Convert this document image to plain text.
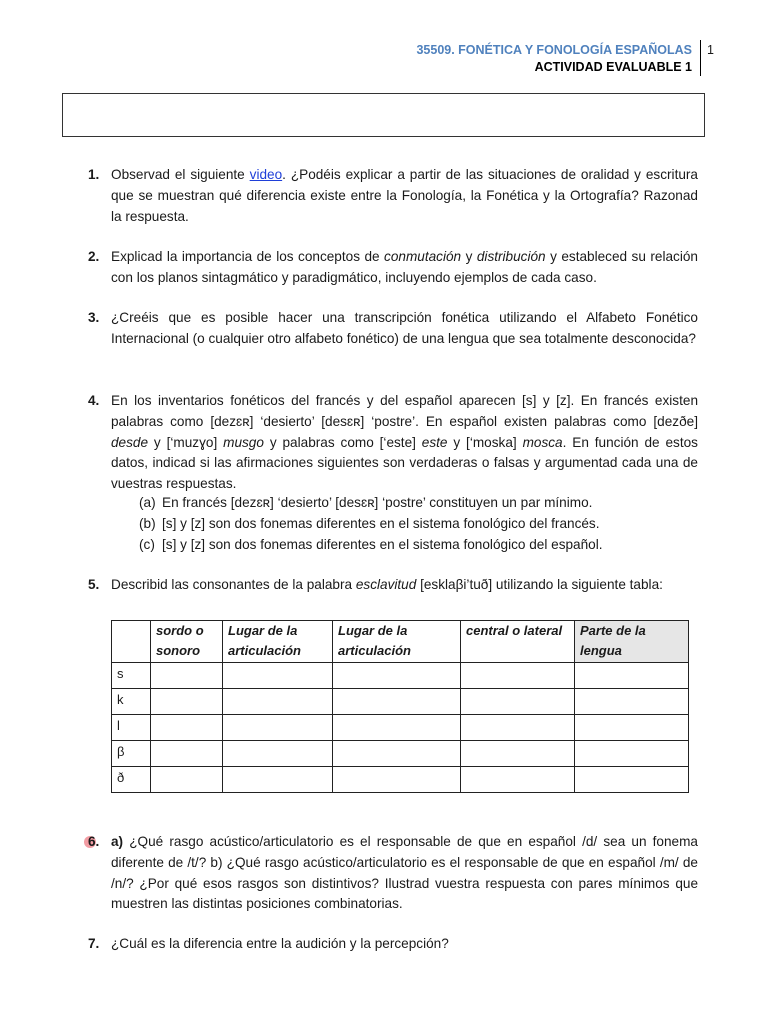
35509. FONÉTICA Y FONOLOGÍA ESPAÑOLAS
ACTIVIDAD EVALUABLE 1
1
1. Observad el siguiente video. ¿Podéis explicar a partir de las situaciones de oralidad y escritura que se muestran qué diferencia existe entre la Fonología, la Fonética y la Ortografía? Razonad la respuesta.
2. Explicad la importancia de los conceptos de conmutación y distribución y estableced su relación con los planos sintagmático y paradigmático, incluyendo ejemplos de cada caso.
3. ¿Creéis que es posible hacer una transcripción fonética utilizando el Alfabeto Fonético Internacional (o cualquier otro alfabeto fonético) de una lengua que sea totalmente desconocida?
4. En los inventarios fonéticos del francés y del español aparecen [s] y [z]. En francés existen palabras como [dezɛʀ] ‘desierto’ [desɛʀ] ‘postre’. En español existen palabras como [dezðe] desde y [‘muzɣo] musgo y palabras como [‘este] este y [‘moska] mosca. En función de estos datos, indicad si las afirmaciones siguientes son verdaderas o falsas y argumentad cada una de vuestras respuestas.
(a) En francés [dezɛʀ] ‘desierto’ [desɛʀ] ‘postre’ constituyen un par mínimo.
(b) [s] y [z] son dos fonemas diferentes en el sistema fonológico del francés.
(c) [s] y [z] son dos fonemas diferentes en el sistema fonológico del español.
5. Describid las consonantes de la palabra esclavitud [esklaβi’tuð] utilizando la siguiente tabla:
	sordo o sonoro	Lugar de la articulación	Lugar de la articulación	central o lateral	Parte de la lengua
s					
k					
l					
β					
ð					
6. a) ¿Qué rasgo acústico/articulatorio es el responsable de que en español /d/ sea un fonema diferente de /t/? b) ¿Qué rasgo acústico/articulatorio es el responsable de que en español /m/ de /n/? ¿Por qué esos rasgos son distintivos? Ilustrad vuestra respuesta con pares mínimos que muestren las distintas posiciones combinatorias.
7. ¿Cuál es la diferencia entre la audición y la percepción?
